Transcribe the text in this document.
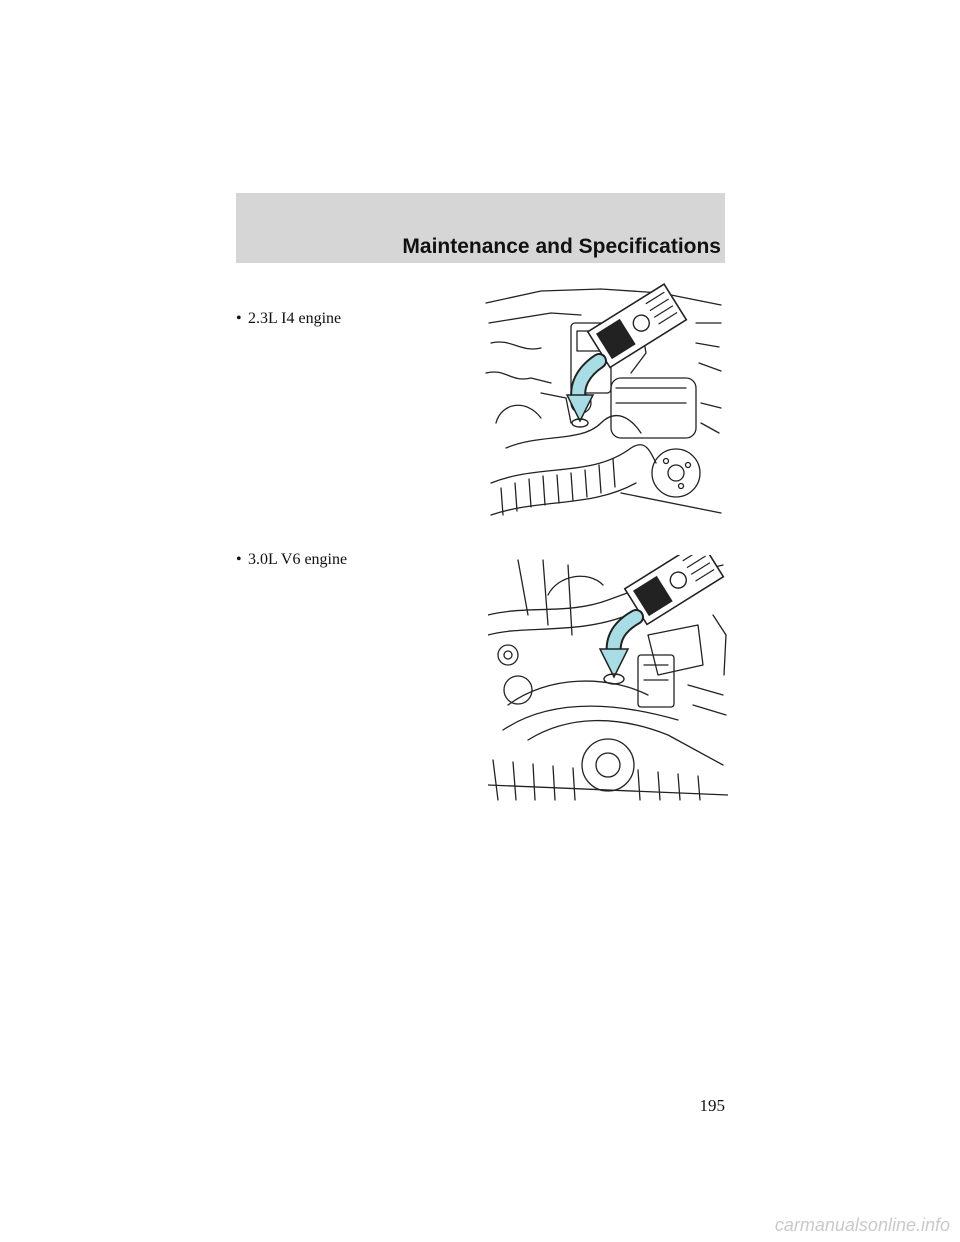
Maintenance and Specifications
• 2.3L I4 engine
• 3.0L V6 engine
195
carmanualsonline.info
